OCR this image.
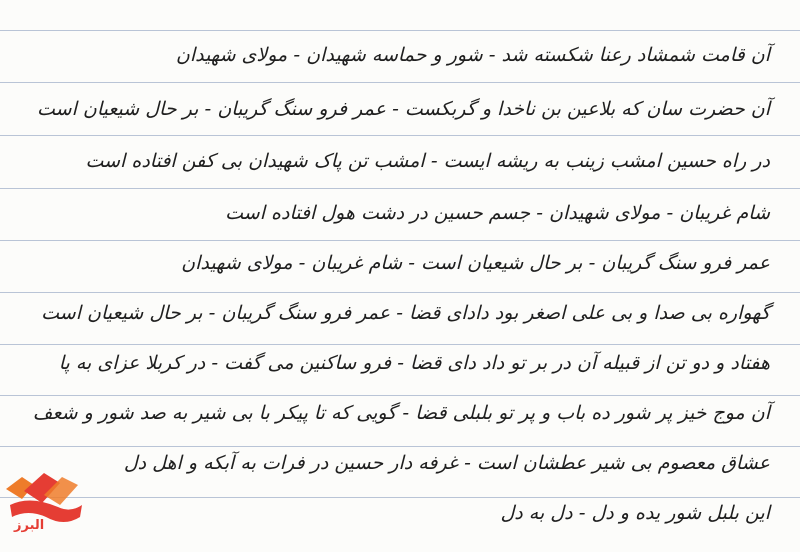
آن قامت شمشاد رعنا شکسته شد - شور و حماسه شهیدان - مولای شهیدان
آن حضرت سان که بلاعین بن ناخدا و گربکست - عمر فرو سنگ گریبان - بر حال شیعیان است
در راه حسین امشب زینب به ریشه ایست - امشب تن پاک شهیدان بی کفن افتاده است
شام غریبان - مولای شهیدان - جسم حسین در دشت هول افتاده است
عمر فرو سنگ گریبان - بر حال شیعیان است - شام غریبان - مولای شهیدان
گهواره بی صدا و بی علی اصغر بود دادای قضا - عمر فرو سنگ گریبان - بر حال شیعیان است
هفتاد و دو تن از قبیله آن در بر تو داد دای قضا - فرو ساکنین می گفت - در کربلا عزای به پا
آن موج خیز پر شور ده باب و پر تو بلبلی قضا - گویی که تا پیکر با بی شیر به صد شور و شعف
عشاق معصوم بی شیر عطشان است - غرفه دار حسین در فرات به آبکه و اهل دل
این بلبل شور یده و دل - دل به دل
البرز
